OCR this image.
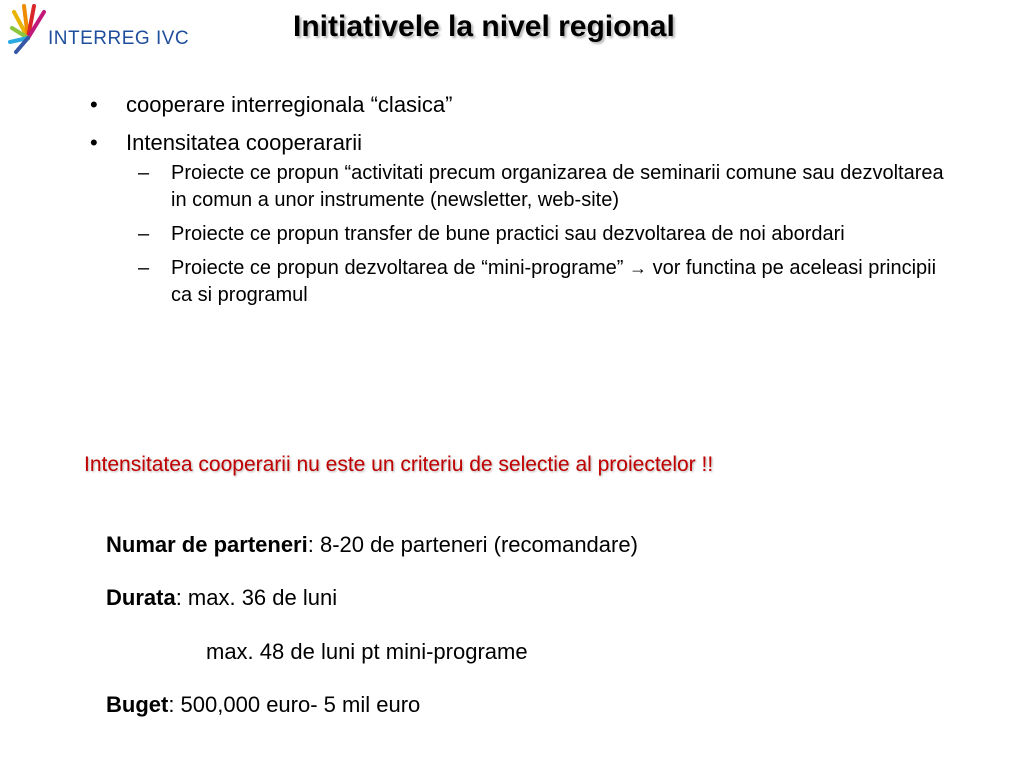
INTERREG IVC	Initiativele la nivel regional
• cooperare interregionala “clasica”
• Intensitatea cooperararii
– Proiecte ce propun “activitati precum organizarea de seminarii comune sau dezvoltarea in comun a unor instrumente (newsletter, web-site)
– Proiecte ce propun transfer de bune practici sau dezvoltarea de noi abordari
– Proiecte ce propun dezvoltarea de “mini-programe” → vor functina pe aceleasi principii ca si programul

Intensitatea cooperarii nu este un criteriu de selectie al proiectelor !!

Numar de parteneri: 8-20 de parteneri (recomandare)
Durata: max. 36 de luni
max. 48 de luni pt mini-programe
Buget: 500,000 euro- 5 mil euro
